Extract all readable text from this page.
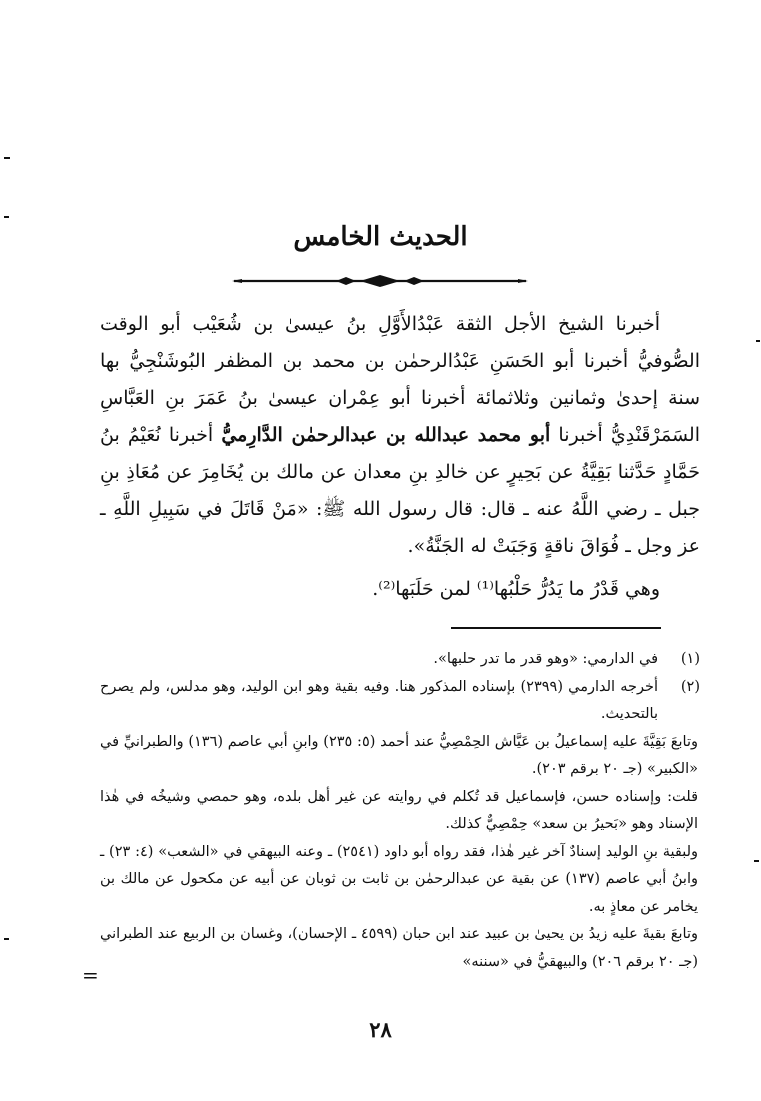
الحديث الخامس

أخبرنا الشيخ الأجل الثقة عَبْدُالأَوَّلِ بنُ عيسىٰ بن شُعَيْب أبو الوقت الصُّوفيُّ أخبرنا أبو الحَسَنِ عَبْدُالرحمٰن بن محمد بن المظفر البُوشَنْجِيُّ بها سنة إحدىٰ وثمانين وثلاثمائة أخبرنا أبو عِمْران عيسىٰ بنُ عَمَرَ بنِ العَبَّاسِ السَمَرْقَنْدِيُّ أخبرنا أبو محمد عبدالله بن عبدالرحمٰن الدَّارِميُّ أخبرنا نُعَيْمُ بنُ حَمَّادٍ حَدَّثنا بَقِيَّةُ عن بَحِيرٍ عن خالدِ بنِ معدان عن مالك بن يُخَامِرَ عن مُعَاذِ بنِ جبل ـ رضي اللَّهُ عنه ـ قال: قال رسول الله ﷺ: «مَنْ قَاتَلَ في سَبِيلِ اللَّهِ ـ عز وجل ـ فُوَاقَ ناقةٍ وَجَبَتْ له الجَنَّةُ».

وهي قَدْرُ ما يَدُرُّ حَلْبُها⁽¹⁾ لمن حَلَبَها⁽²⁾.

(١)في الدارمي: «وهو قدر ما تدر حلبها».

(٢)أخرجه الدارمي (٢٣٩٩) بإسناده المذكور هنا. وفيه بقية وهو ابن الوليد، وهو مدلس، ولم يصرح بالتحديث.

وتابعَ بَقِيَّةَ عليه إسماعيلُ بن عَيَّاش الحِمْصِيُّ عند أحمد (٥: ٢٣٥) وابنِ أبي عاصم (١٣٦) والطبرانيِّ في «الكبير» (جـ ٢٠ برقم ٢٠٣).

قلت: وإسناده حسن، فإسماعيل قد تُكلم في روايته عن غير أهل بلده، وهو حمصي وشيخُه في هٰذا الإسناد وهو «بَحيرُ بن سعد» حِمْصِيٌّ كذلك.

ولبقية بنِ الوليد إسنادٌ آخر غير هٰذا، فقد رواه أبو داود (٢٥٤١) ـ وعنه البيهقي في «الشعب» (٤: ٢٣) ـ وابنُ أبي عاصم (١٣٧) عن بقية عن عبدالرحمٰن بن ثابت بن ثوبان عن أبيه عن مكحول عن مالك بن يخامر عن معاذٍ به.

وتابعَ بقيةَ عليه زيدُ بن يحيىٰ بن عبيد عند ابن حبان (٤٥٩٩ ـ الإحسان)، وغسان بن الربيع عند الطبراني (جـ ٢٠ برقم ٢٠٦) والبيهقيُّ في «سننه»

=
٢٨
